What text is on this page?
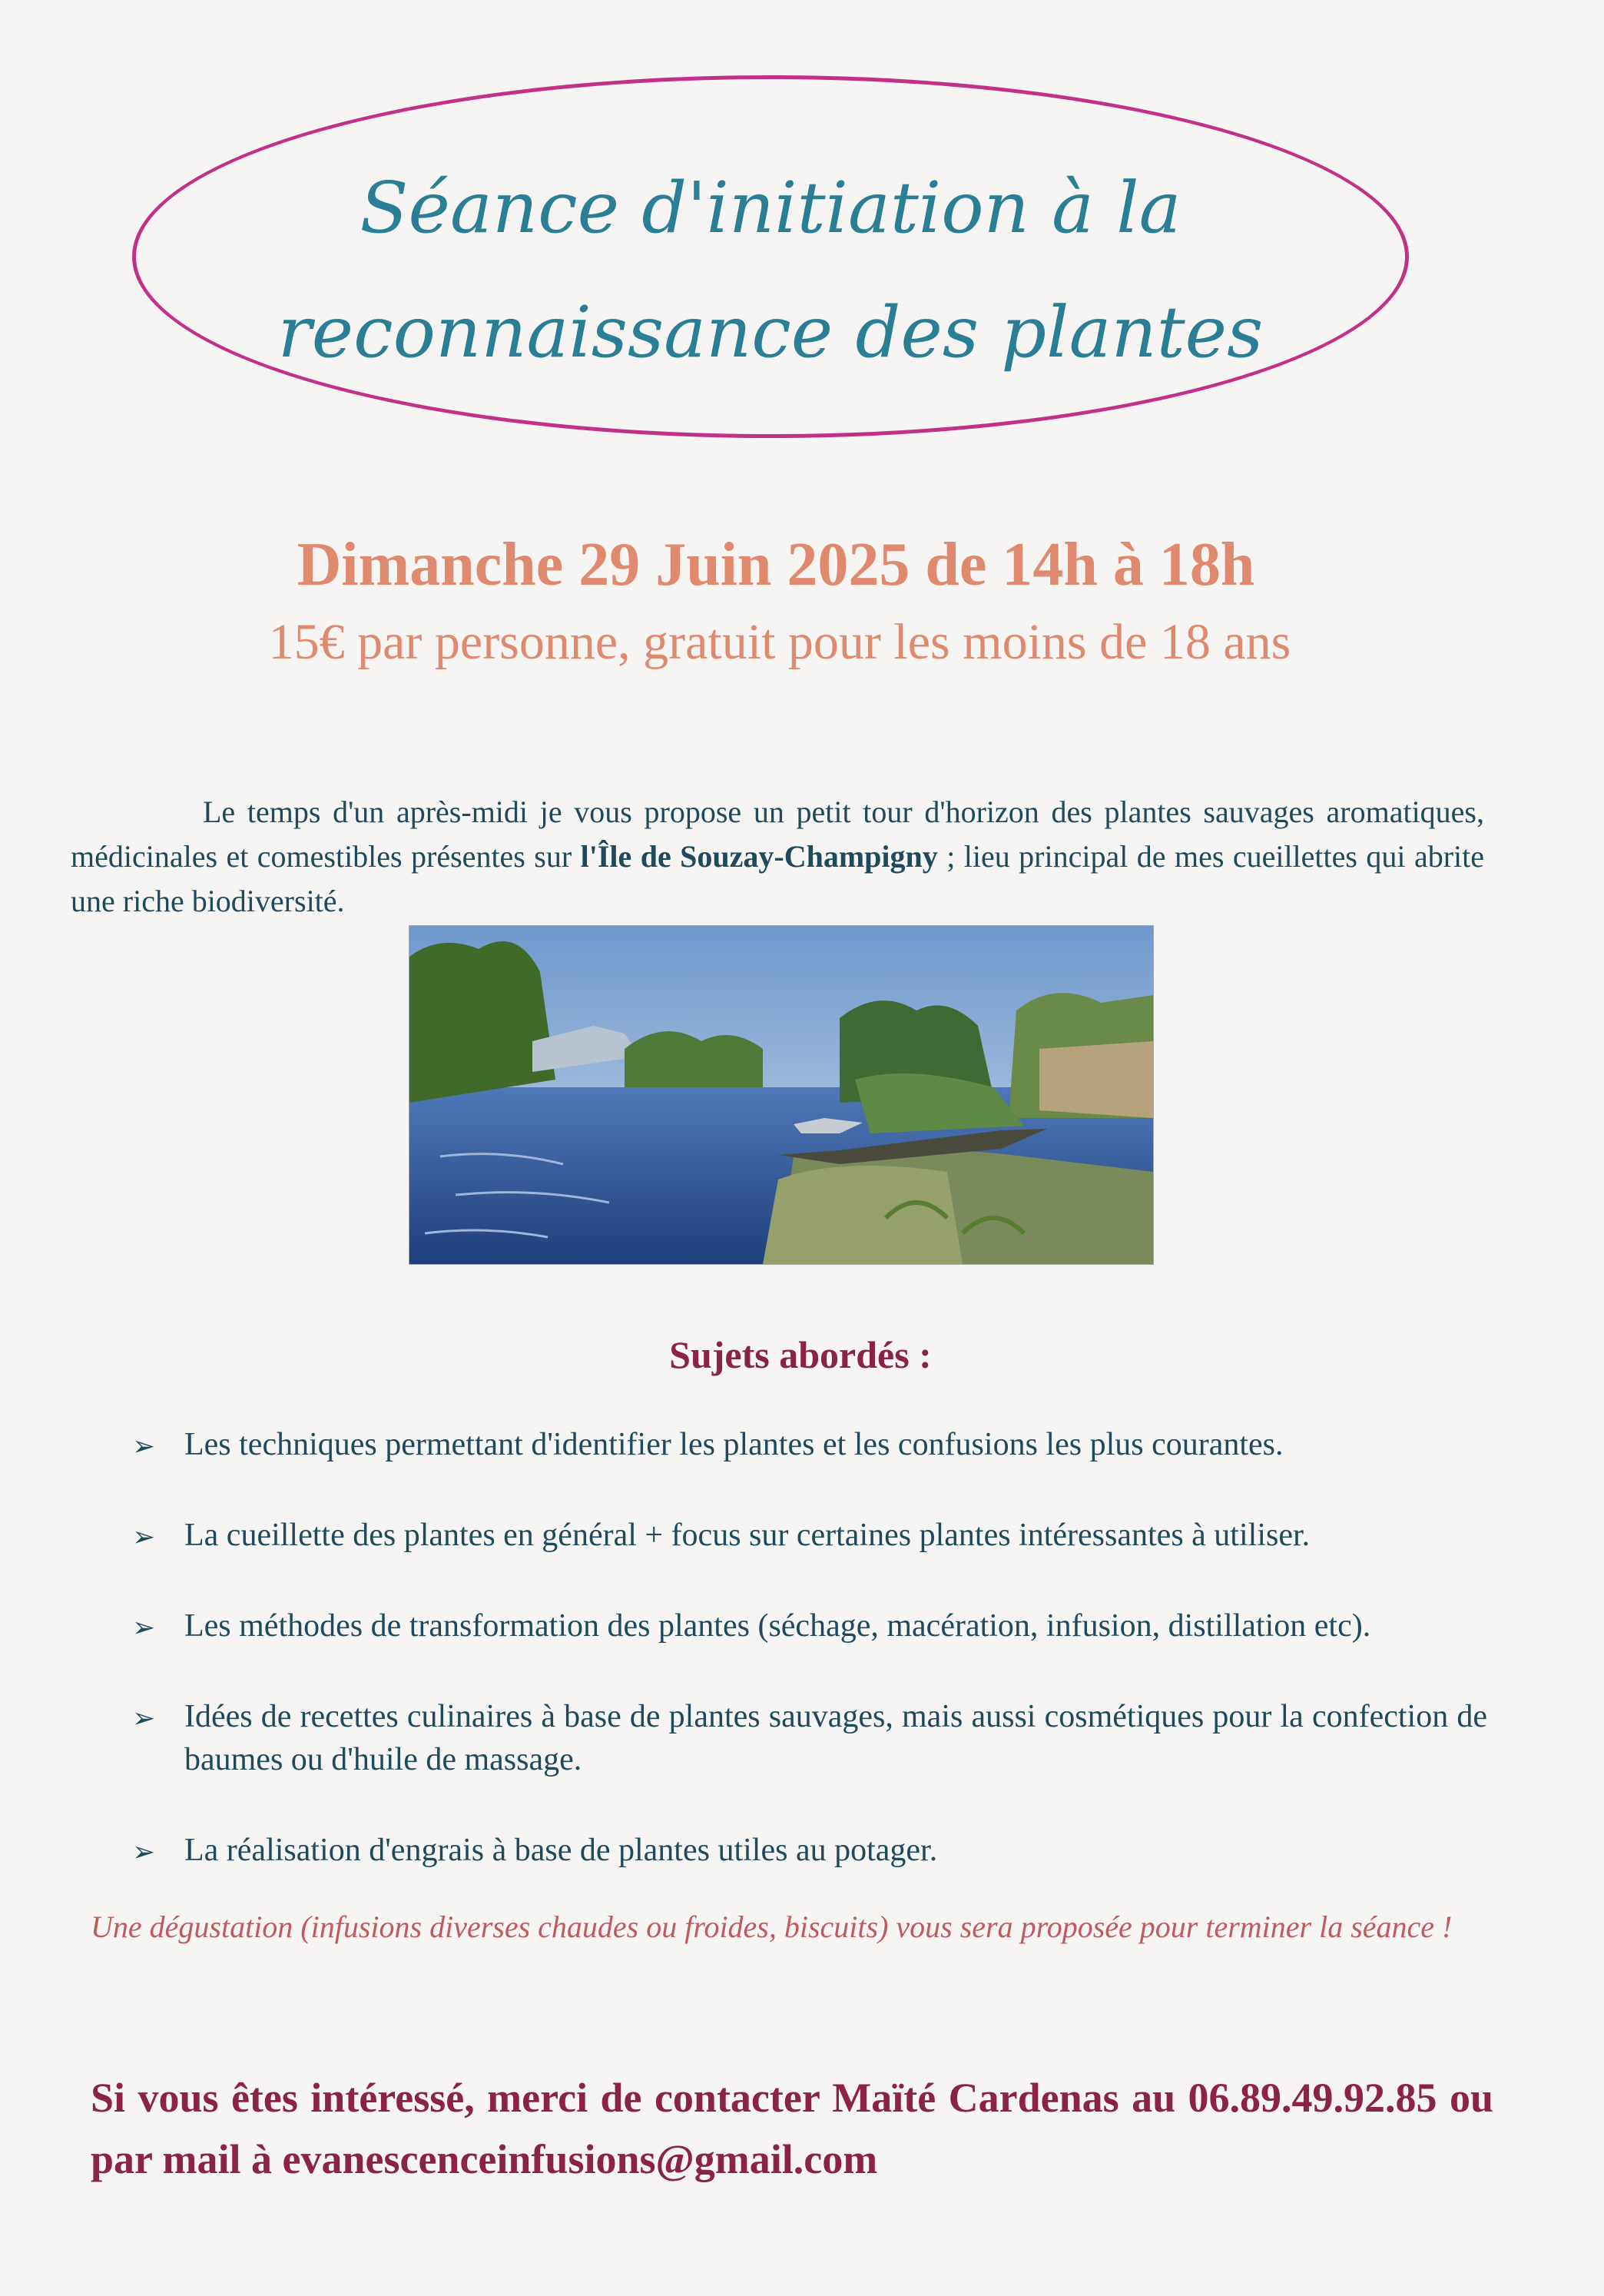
Séance d'initiation à la
reconnaissance des plantes
Dimanche 29 Juin 2025 de 14h à 18h
15€ par personne, gratuit pour les moins de 18 ans

Le temps d'un après-midi je vous propose un petit tour d'horizon des plantes sauvages aromatiques, médicinales et comestibles présentes sur l'Île de Souzay-Champigny ; lieu principal de mes cueillettes qui abrite une riche biodiversité.

Sujets abordés :
➢ Les techniques permettant d'identifier les plantes et les confusions les plus courantes.
➢ La cueillette des plantes en général + focus sur certaines plantes intéressantes à utiliser.
➢ Les méthodes de transformation des plantes (séchage, macération, infusion, distillation etc).
➢ Idées de recettes culinaires à base de plantes sauvages, mais aussi cosmétiques pour la confection de baumes ou d'huile de massage.
➢ La réalisation d'engrais à base de plantes utiles au potager.

Une dégustation (infusions diverses chaudes ou froides, biscuits) vous sera proposée pour terminer la séance !

Si vous êtes intéressé, merci de contacter Maïté Cardenas au 06.89.49.92.85 ou par mail à evanescenceinfusions@gmail.com
